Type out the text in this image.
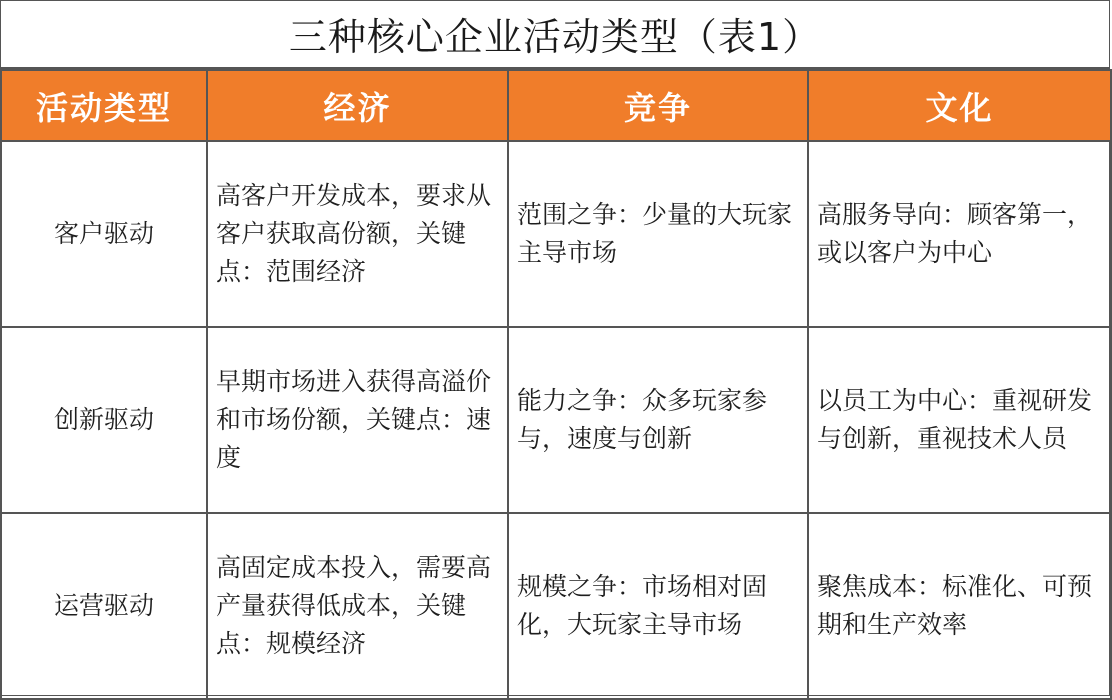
三种核心企业活动类型（表1）
活动类型	经济	竞争	文化
客户驱动	高客户开发成本，要求从客户获取高份额，关键点：范围经济	范围之争：少量的大玩家主导市场	高服务导向：顾客第一，或以客户为中心
创新驱动	早期市场进入获得高溢价和市场份额，关键点：速度	能力之争：众多玩家参与，速度与创新	以员工为中心：重视研发与创新，重视技术人员
运营驱动	高固定成本投入，需要高产量获得低成本，关键点：规模经济	规模之争：市场相对固化，大玩家主导市场	聚焦成本：标准化、可预期和生产效率
